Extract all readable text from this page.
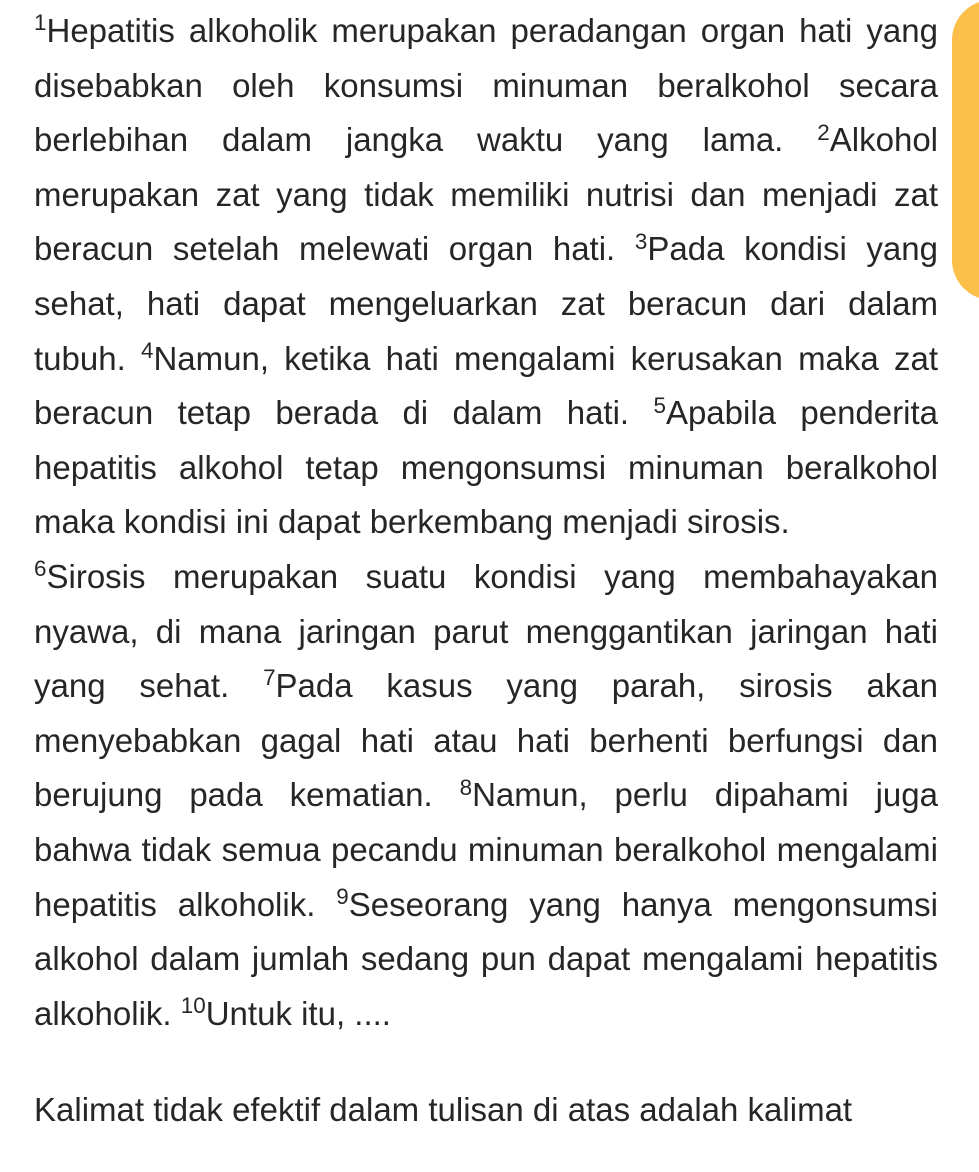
$^1$Hepatitis alkoholik merupakan peradangan organ hati yang disebabkan oleh konsumsi minuman beralkohol secara berlebihan dalam jangka waktu yang lama. $^2$Alkohol merupakan zat yang tidak memiliki nutrisi dan menjadi zat beracun setelah melewati organ hati. $^3$Pada kondisi yang sehat, hati dapat mengeluarkan zat beracun dari dalam tubuh. $^4$Namun, ketika hati mengalami kerusakan maka zat beracun tetap berada di dalam hati. $^5$Apabila penderita hepatitis alkohol tetap mengonsumsi minuman beralkohol maka kondisi ini dapat berkembang menjadi sirosis.

$^6$Sirosis merupakan suatu kondisi yang membahayakan nyawa, di mana jaringan parut menggantikan jaringan hati yang sehat. $^7$Pada kasus yang parah, sirosis akan menyebabkan gagal hati atau hati berhenti berfungsi dan berujung pada kematian. $^8$Namun, perlu dipahami juga bahwa tidak semua pecandu minuman beralkohol mengalami hepatitis alkoholik. $^9$Seseorang yang hanya mengonsumsi alkohol dalam jumlah sedang pun dapat mengalami hepatitis alkoholik. $^{10}$Untuk itu, ....

Kalimat tidak efektif dalam tulisan di atas adalah kalimat
